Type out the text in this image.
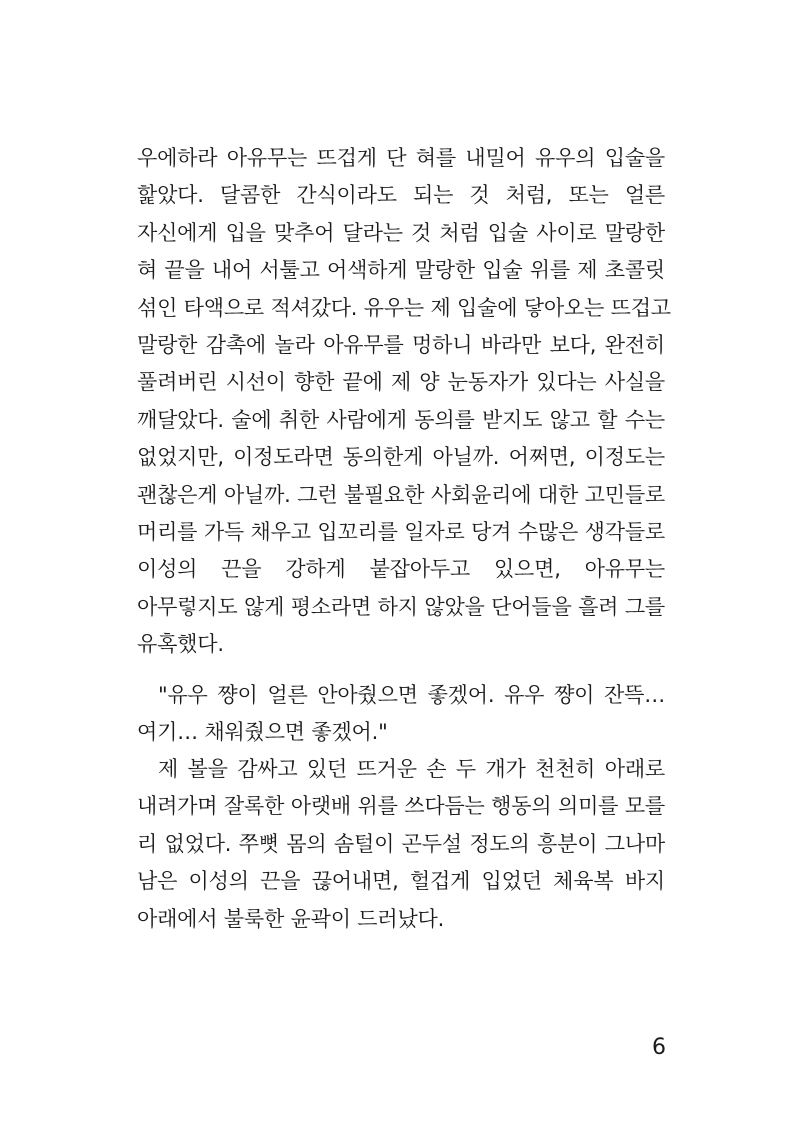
우에하라 아유무는 뜨겁게 단 혀를 내밀어 유우의 입술을
핥았다. 달콤한 간식이라도 되는 것 처럼, 또는 얼른
자신에게 입을 맞추어 달라는 것 처럼 입술 사이로 말랑한
혀 끝을 내어 서툴고 어색하게 말랑한 입술 위를 제 초콜릿
섞인 타액으로 적셔갔다. 유우는 제 입술에 닿아오는 뜨겁고
말랑한 감촉에 놀라 아유무를 멍하니 바라만 보다, 완전히
풀려버린 시선이 향한 끝에 제 양 눈동자가 있다는 사실을
깨달았다. 술에 취한 사람에게 동의를 받지도 않고 할 수는
없었지만, 이정도라면 동의한게 아닐까. 어쩌면, 이정도는
괜찮은게 아닐까. 그런 불필요한 사회윤리에 대한 고민들로
머리를 가득 채우고 입꼬리를 일자로 당겨 수많은 생각들로
이성의 끈을 강하게 붙잡아두고 있으면, 아유무는
아무렇지도 않게 평소라면 하지 않았을 단어들을 흘려 그를
유혹했다.
"유우 쨩이 얼른 안아줬으면 좋겠어. 유우 쨩이 잔뜩…
여기… 채워줬으면 좋겠어."
제 볼을 감싸고 있던 뜨거운 손 두 개가 천천히 아래로
내려가며 잘록한 아랫배 위를 쓰다듬는 행동의 의미를 모를
리 없었다. 쭈뼛 몸의 솜털이 곤두설 정도의 흥분이 그나마
남은 이성의 끈을 끊어내면, 헐겁게 입었던 체육복 바지
아래에서 불룩한 윤곽이 드러났다.
6
